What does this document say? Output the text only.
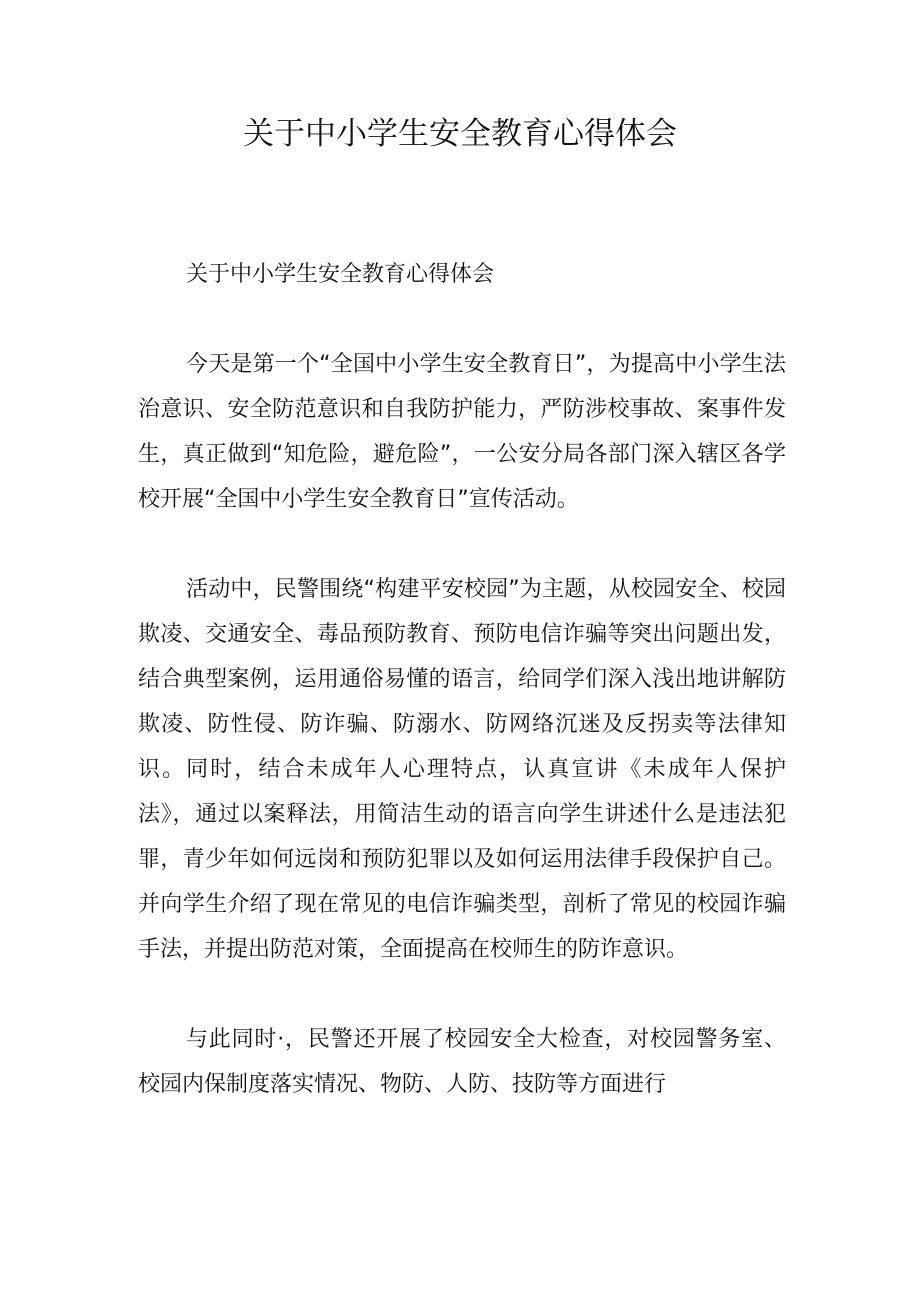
关于中小学生安全教育心得体会

关于中小学生安全教育心得体会

今天是第一个“全国中小学生安全教育日”，为提高中小学生法治意识、安全防范意识和自我防护能力，严防涉校事故、案事件发生，真正做到“知危险，避危险”，一公安分局各部门深入辖区各学校开展“全国中小学生安全教育日”宣传活动。

活动中，民警围绕“构建平安校园”为主题，从校园安全、校园欺凌、交通安全、毒品预防教育、预防电信诈骗等突出问题出发，结合典型案例，运用通俗易懂的语言，给同学们深入浅出地讲解防欺凌、防性侵、防诈骗、防溺水、防网络沉迷及反拐卖等法律知识。同时，结合未成年人心理特点，认真宣讲《未成年人保护法》，通过以案释法，用简洁生动的语言向学生讲述什么是违法犯罪，青少年如何远岗和预防犯罪以及如何运用法律手段保护自己。并向学生介绍了现在常见的电信诈骗类型，剖析了常见的校园诈骗手法，并提出防范对策，全面提高在校师生的防诈意识。

与此同时·，民警还开展了校园安全大检查，对校园警务室、校园内保制度落实情况、物防、人防、技防等方面进行
